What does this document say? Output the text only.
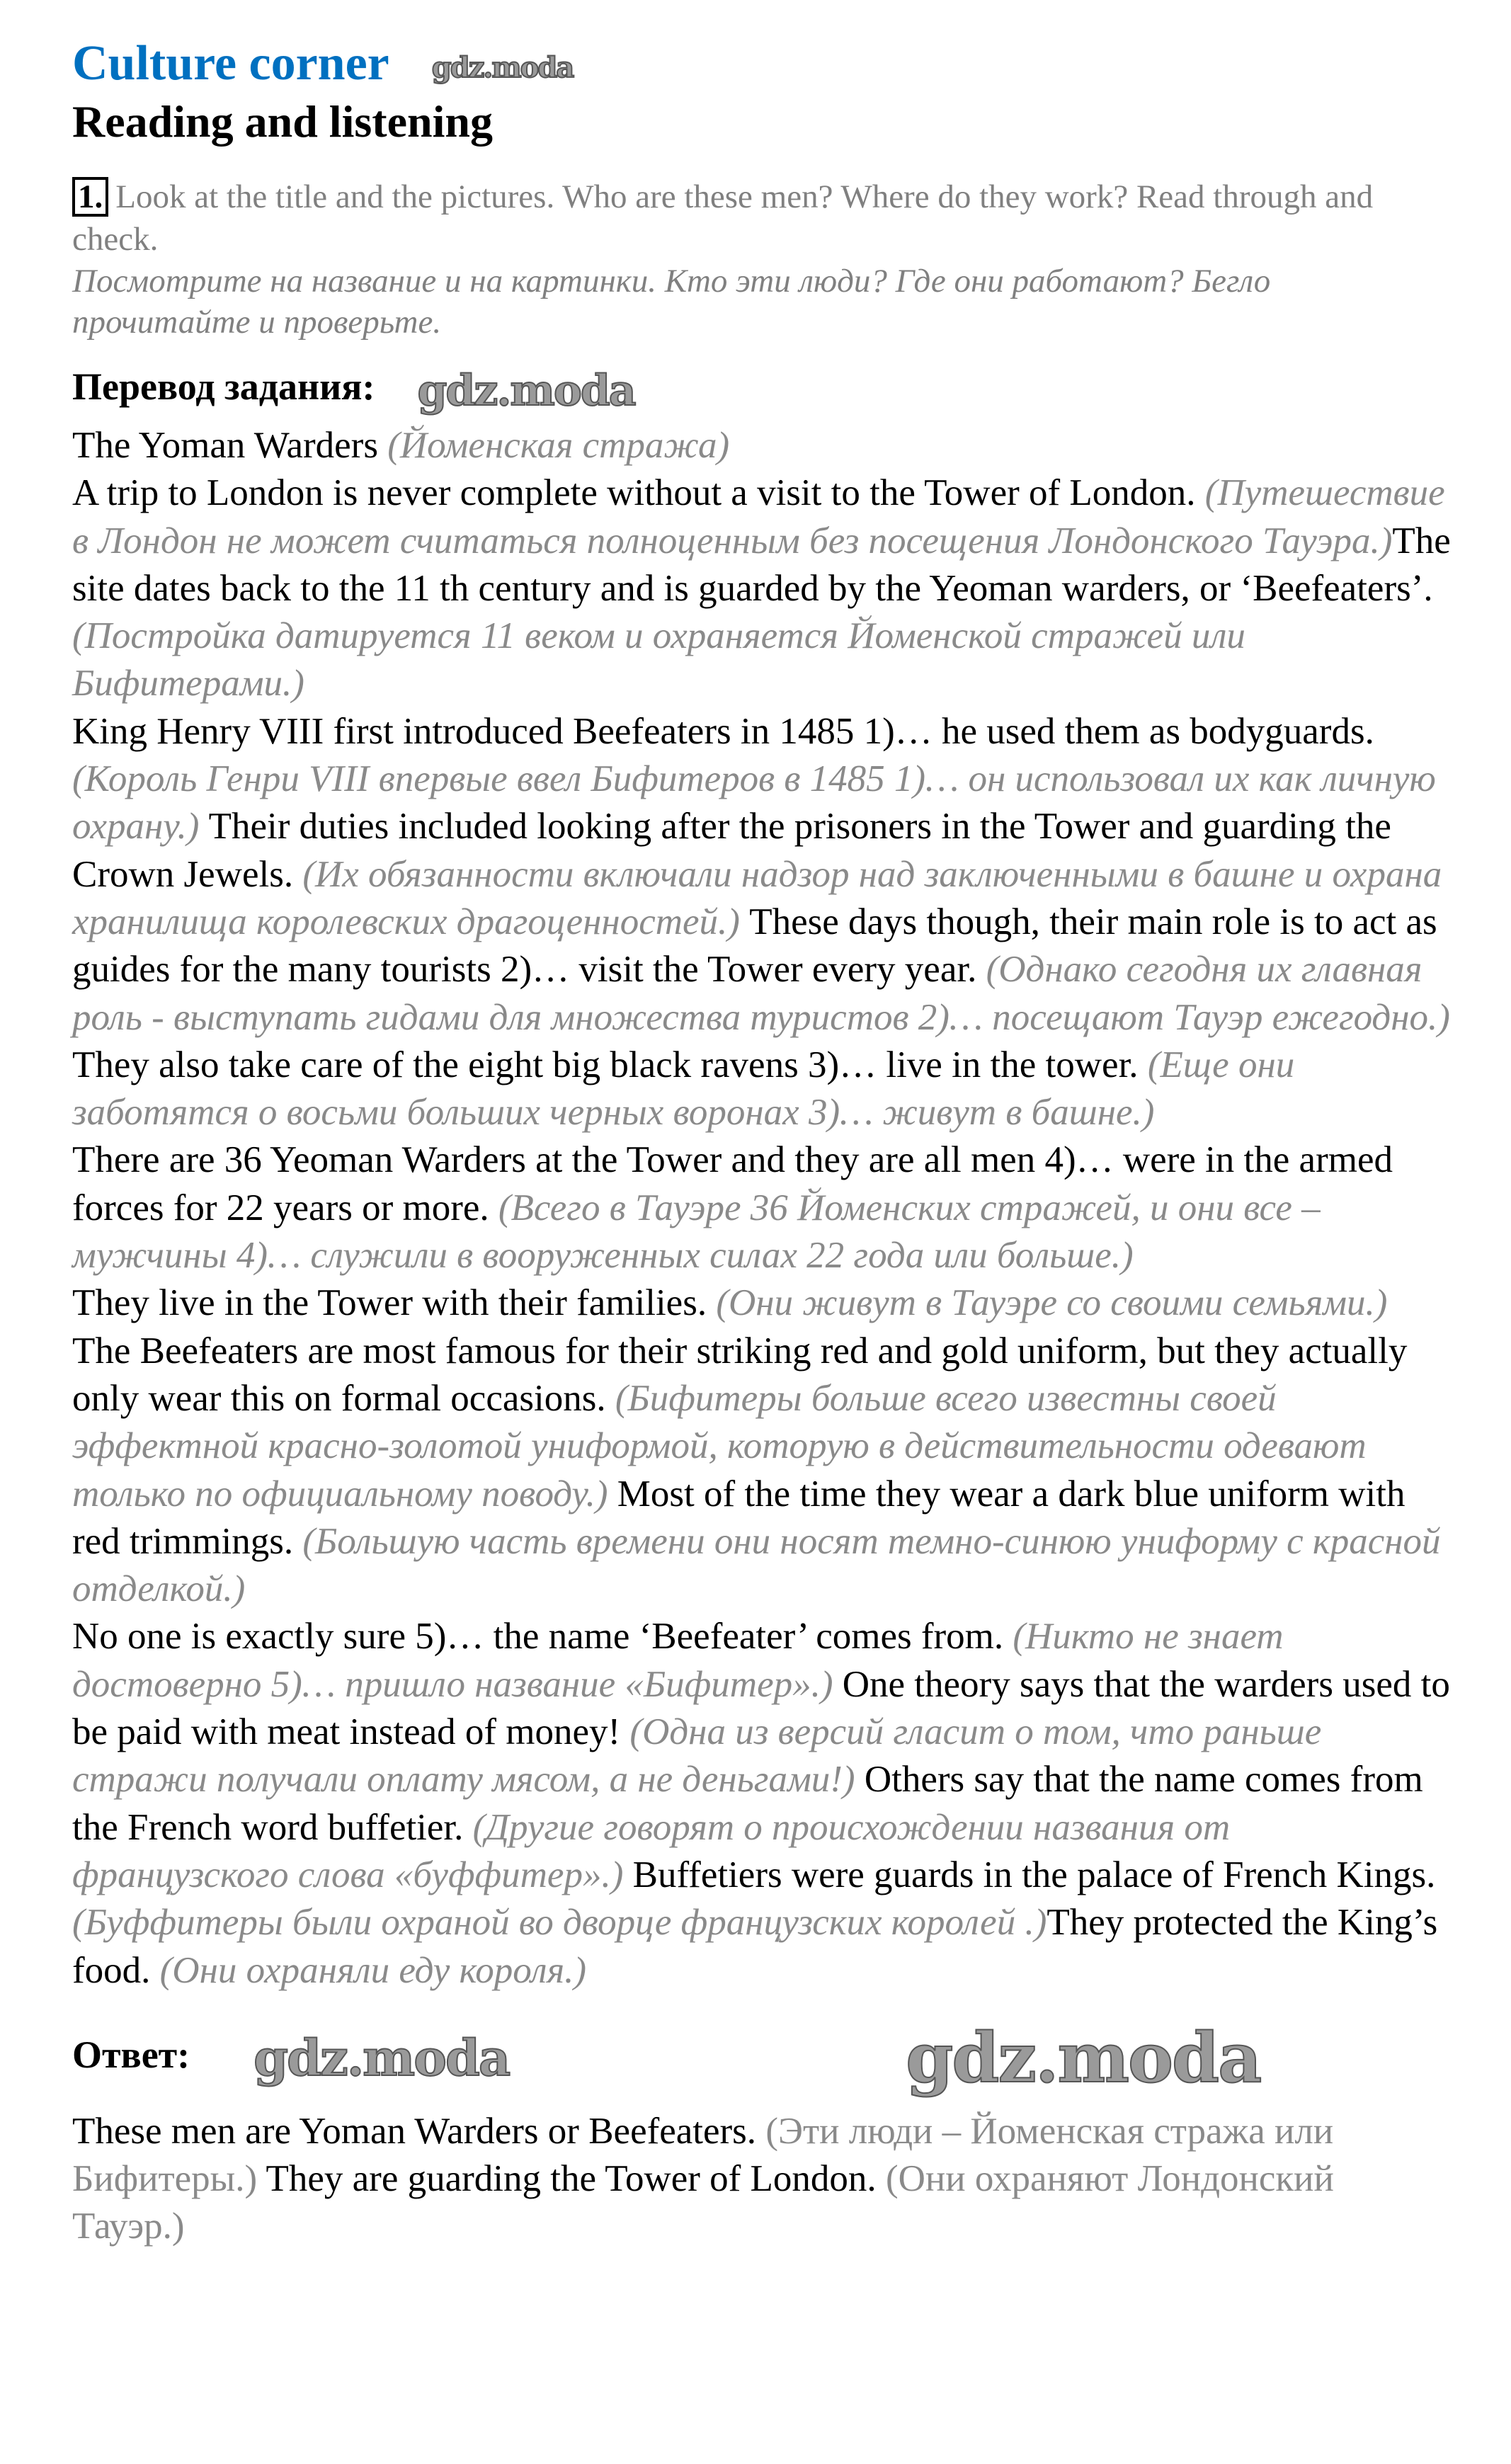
Culture corner gdz.moda
Reading and listening
1. Look at the title and the pictures. Who are these men? Where do they work? Read through and check.
Посмотрите на название и на картинки. Кто эти люди? Где они работают? Бегло прочитайте и проверьте.
Перевод задания: gdz.moda

The Yoman Warders (Йоменская стража)

A trip to London is never complete without a visit to the Tower of London. (Путешествие в Лондон не может считаться полноценным без посещения Лондонского Тауэра.)The site dates back to the 11 th century and is guarded by the Yeoman warders, or ‘Beefeaters’. (Постройка датируется 11 веком и охраняется Йоменской стражей или Бифитерами.)

King Henry VIII first introduced Beefeaters in 1485 1)… he used them as bodyguards. (Король Генри VIII впервые ввел Бифитеров в 1485 1)… он использовал их как личную охрану.) Their duties included looking after the prisoners in the Tower and guarding the Crown Jewels. (Их обязанности включали надзор над заключенными в башне и охрана хранилища королевских драгоценностей.) These days though, their main role is to act as guides for the many tourists 2)… visit the Tower every year. (Однако сегодня их главная роль - выступать гидами для множества туристов 2)… посещают Тауэр ежегодно.) They also take care of the eight big black ravens 3)… live in the tower. (Еще они заботятся о восьми больших черных воронах 3)… живут в башне.)

There are 36 Yeoman Warders at the Tower and they are all men 4)… were in the armed forces for 22 years or more. (Всего в Тауэре 36 Йоменских стражей, и они все – мужчины 4)… служили в вооруженных силах 22 года или больше.)

They live in the Tower with their families. (Они живут в Тауэре со своими семьями.)

The Beefeaters are most famous for their striking red and gold uniform, but they actually only wear this on formal occasions. (Бифитеры больше всего известны своей эффектной красно-золотой униформой, которую в действительности одевают только по официальному поводу.) Most of the time they wear a dark blue uniform with red trimmings. (Большую часть времени они носят темно-синюю униформу с красной отделкой.)

No one is exactly sure 5)… the name ‘Beefeater’ comes from. (Никто не знает достоверно 5)… пришло название «Бифитер».) One theory says that the warders used to be paid with meat instead of money! (Одна из версий гласит о том, что раньше стражи получали оплату мясом, а не деньгами!) Others say that the name comes from the French word buffetier. (Другие говорят о происхождении названия от французского слова «буффитер».) Buffetiers were guards in the palace of French Kings. (Буффитеры были охраной во дворце французских королей .)They protected the King’s food. (Они охраняли еду короля.)

Ответ: gdz.moda	gdz.moda

These men are Yoman Warders or Beefeaters. (Эти люди – Йоменская стража или Бифитеры.) They are guarding the Tower of London. (Они охраняют Лондонский Тауэр.)
